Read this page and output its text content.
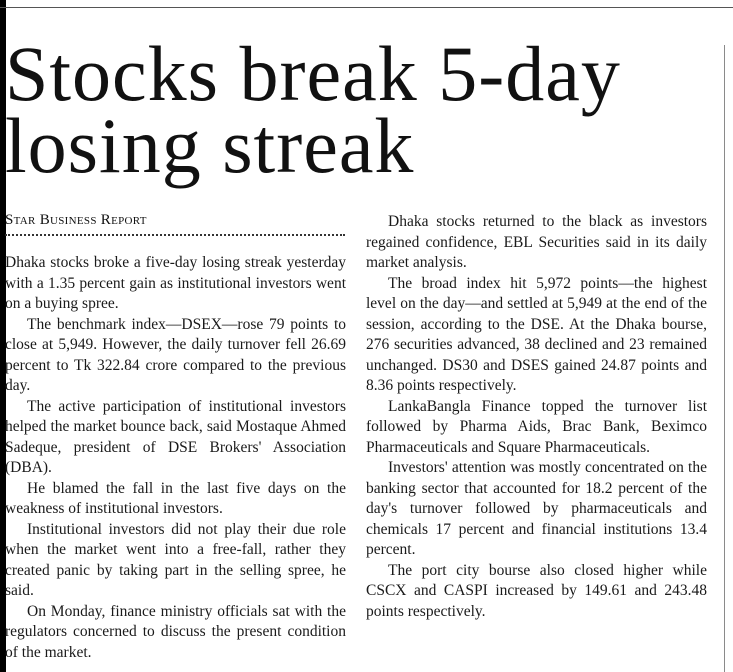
Stocks break 5-day losing streak
Star Business Report

Dhaka stocks broke a five-day losing streak yesterday with a 1.35 percent gain as institutional investors went on a buying spree.

The benchmark index—DSEX—rose 79 points to close at 5,949. However, the daily turnover fell 26.69 percent to Tk 322.84 crore compared to the previous day.

The active participation of institutional investors helped the market bounce back, said Mostaque Ahmed Sadeque, president of DSE Brokers' Association (DBA).

He blamed the fall in the last five days on the weakness of institutional investors.

Institutional investors did not play their due role when the market went into a free-fall, rather they created panic by taking part in the selling spree, he said.

On Monday, finance ministry officials sat with the regulators concerned to discuss the present condition of the market.

Dhaka stocks returned to the black as investors regained confidence, EBL Securities said in its daily market analysis.

The broad index hit 5,972 points—the highest level on the day—and settled at 5,949 at the end of the session, according to the DSE. At the Dhaka bourse, 276 securities advanced, 38 declined and 23 remained unchanged. DS30 and DSES gained 24.87 points and 8.36 points respectively.

LankaBangla Finance topped the turnover list followed by Pharma Aids, Brac Bank, Beximco Pharmaceuticals and Square Pharmaceuticals.

Investors' attention was mostly concentrated on the banking sector that accounted for 18.2 percent of the day's turnover followed by pharmaceuticals and chemicals 17 percent and financial institutions 13.4 percent.

The port city bourse also closed higher while CSCX and CASPI increased by 149.61 and 243.48 points respectively.
